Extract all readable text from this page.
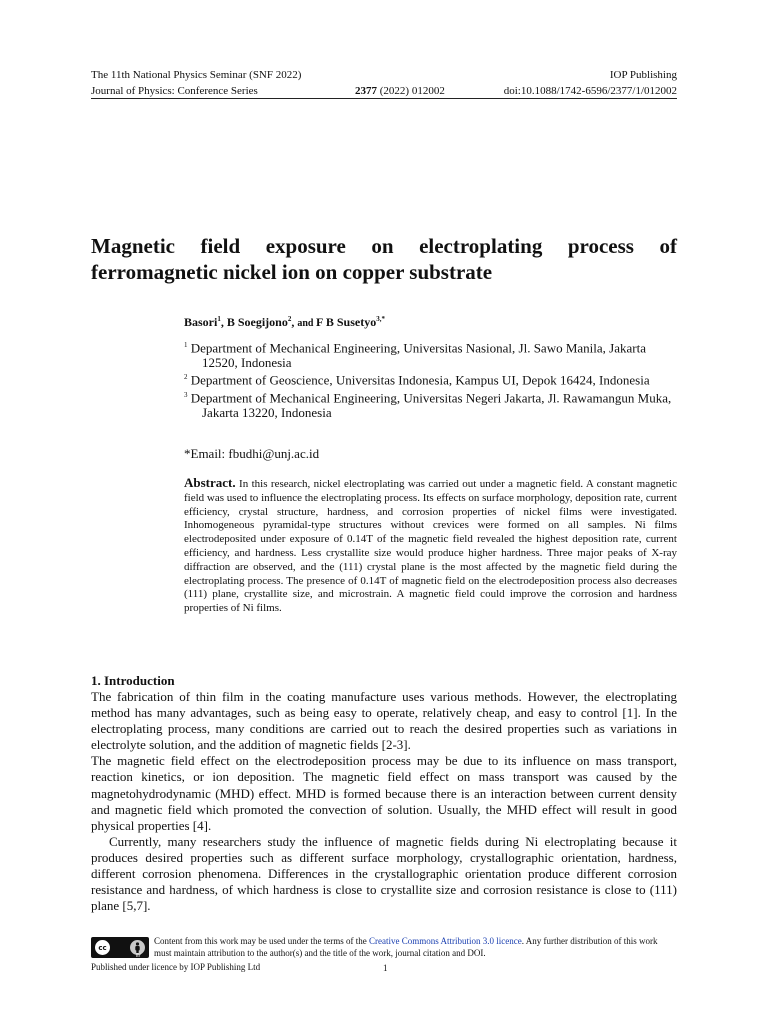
The 11th National Physics Seminar (SNF 2022)	IOP Publishing
Journal of Physics: Conference Series	2377 (2022) 012002	doi:10.1088/1742-6596/2377/1/012002
Magnetic field exposure on electroplating process of ferromagnetic nickel ion on copper substrate
Basori$^1$, B Soegijono$^2$, and F B Susetyo$^{3,*}$
$^1$ Department of Mechanical Engineering, Universitas Nasional, Jl. Sawo Manila, Jakarta 12520, Indonesia
$^2$ Department of Geoscience, Universitas Indonesia, Kampus UI, Depok 16424, Indonesia
$^3$ Department of Mechanical Engineering, Universitas Negeri Jakarta, Jl. Rawamangun Muka, Jakarta 13220, Indonesia
*Email: fbudhi@unj.ac.id
Abstract. In this research, nickel electroplating was carried out under a magnetic field. A constant magnetic field was used to influence the electroplating process. Its effects on surface morphology, deposition rate, current efficiency, crystal structure, hardness, and corrosion properties of nickel films were investigated. Inhomogeneous pyramidal-type structures without crevices were formed on all samples. Ni films electrodeposited under exposure of 0.14T of the magnetic field revealed the highest deposition rate, current efficiency, and hardness. Less crystallite size would produce higher hardness. Three major peaks of X-ray diffraction are observed, and the (111) crystal plane is the most affected by the magnetic field during the electroplating process. The presence of 0.14T of magnetic field on the electrodeposition process also decreases (111) plane, crystallite size, and microstrain. A magnetic field could improve the corrosion and hardness properties of Ni films.
1. Introduction

The fabrication of thin film in the coating manufacture uses various methods. However, the electroplating method has many advantages, such as being easy to operate, relatively cheap, and easy to control [1]. In the electroplating process, many conditions are carried out to reach the desired properties such as variations in electrolyte solution, and the addition of magnetic fields [2-3].

The magnetic field effect on the electrodeposition process may be due to its influence on mass transport, reaction kinetics, or ion deposition. The magnetic field effect on mass transport was caused by the magnetohydrodynamic (MHD) effect. MHD is formed because there is an interaction between current density and magnetic field which promoted the convection of solution. Usually, the MHD effect will result in good physical properties [4].

Currently, many researchers study the influence of magnetic fields during Ni electroplating because it produces desired properties such as different surface morphology, crystallographic orientation, hardness, different corrosion phenomena. Differences in the crystallographic orientation produce different corrosion resistance and hardness, of which hardness is close to crystallite size and corrosion resistance is close to (111) plane [5,7].

cc
BY
Content from this work may be used under the terms of the Creative Commons Attribution 3.0 licence. Any further distribution of this work must maintain attribution to the author(s) and the title of the work, journal citation and DOI.
Published under licence by IOP Publishing Ltd	1
